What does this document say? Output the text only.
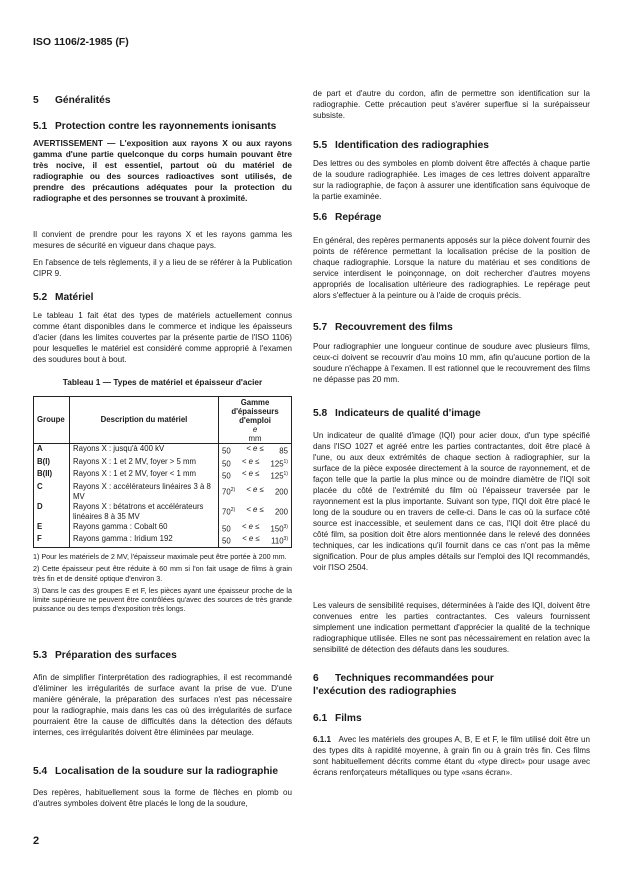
ISO 1106/2-1985 (F)
5 Généralités
5.1 Protection contre les rayonnements ionisants

AVERTISSEMENT — L'exposition aux rayons X ou aux rayons gamma d'une partie quelconque du corps humain pouvant être très nocive, il est essentiel, partout où du matériel de radiographie ou des sources radioactives sont utilisés, de prendre des précautions adéquates pour la protection du radiographe et des personnes se trouvant à proximité.

Il convient de prendre pour les rayons X et les rayons gamma les mesures de sécurité en vigueur dans chaque pays.

En l'absence de tels règlements, il y a lieu de se référer à la Publication CIPR 9.

5.2 Matériel

Le tableau 1 fait état des types de matériels actuellement connus comme étant disponibles dans le commerce et indique les épaisseurs d'acier (dans les limites couvertes par la présente partie de l'ISO 1106) pour lesquelles le matériel est considéré comme approprié à l'examen des soudures bout à bout.

Tableau 1 — Types de matériel et épaisseur d'acier
Groupe	Description du matériel	Gamme
d'épaisseurs
d'emploi
e
mm

A	Rayons X : jusqu'à 400 kV	50 < e ≤ 85

B(I)	Rayons X : 1 et 2 MV, foyer > 5 mm	$50 < e \le 125^{1)}$

B(II)	Rayons X : 1 et 2 MV, foyer < 1 mm	$50 < e \le 125^{1)}$

C	Rayons X : accélérateurs linéaires 3 à 8 MV	$70^{2)} < e \le 200$

D	Rayons X : bétatrons et accélérateurs linéaires 8 à 35 MV	$70^{2)} < e \le 200$

E	Rayons gamma : Cobalt 60	$50 < e \le 150^{3)}$

F	Rayons gamma : Iridium 192	$50 < e \le 110^{3)}$

1) Pour les matériels de 2 MV, l'épaisseur maximale peut être portée à 200 mm.

2) Cette épaisseur peut être réduite à 60 mm si l'on fait usage de films à grain très fin et de densité optique d'environ 3.

3) Dans le cas des groupes E et F, les pièces ayant une épaisseur proche de la limite supérieure ne peuvent être contrôlées qu'avec des sources de très grande puissance ou des temps d'exposition très longs.

5.3 Préparation des surfaces

Afin de simplifier l'interprétation des radiographies, il est recommandé d'éliminer les irrégularités de surface avant la prise de vue. D'une manière générale, la préparation des surfaces n'est pas nécessaire pour la radiographie, mais dans les cas où des irrégularités de surface pourraient être la cause de difficultés dans la détection des défauts internes, ces irrégularités doivent être éliminées par meulage.

5.4 Localisation de la soudure sur la radiographie

Des repères, habituellement sous la forme de flèches en plomb ou d'autres symboles doivent être placés le long de la soudure,

2

de part et d'autre du cordon, afin de permettre son identification sur la radiographie. Cette précaution peut s'avérer superflue si la surépaisseur subsiste.

5.5 Identification des radiographies

Des lettres ou des symboles en plomb doivent être affectés à chaque partie de la soudure radiographiée. Les images de ces lettres doivent apparaître sur la radiographie, de façon à assurer une identification sans équivoque de la partie examinée.

5.6 Repérage

En général, des repères permanents apposés sur la pièce doivent fournir des points de référence permettant la localisation précise de la position de chaque radiographie. Lorsque la nature du matériau et ses conditions de service interdisent le poinçonnage, on doit rechercher d'autres moyens appropriés de localisation ultérieure des radiographies. Le repérage peut alors s'effectuer à la peinture ou à l'aide de croquis précis.

5.7 Recouvrement des films

Pour radiographier une longueur continue de soudure avec plusieurs films, ceux-ci doivent se recouvrir d'au moins 10 mm, afin qu'aucune portion de la soudure n'échappe à l'examen. Il est rationnel que le recouvrement des films ne dépasse pas 20 mm.

5.8 Indicateurs de qualité d'image

Un indicateur de qualité d'image (IQI) pour acier doux, d'un type spécifié dans l'ISO 1027 et agréé entre les parties contractantes, doit être placé à l'une, ou aux deux extrémités de chaque section à radiographier, sur la surface de la pièce exposée directement à la source de rayonnement, et de façon telle que la partie la plus mince ou de moindre diamètre de l'IQI soit placée du côté de l'extrémité du film où l'épaisseur traversée par le rayonnement est la plus importante. Suivant son type, l'IQI doit être placé le long de la soudure ou en travers de celle-ci. Dans le cas où la surface côté source est inaccessible, et seulement dans ce cas, l'IQI doit être placé du côté film, sa position doit être alors mentionnée dans le relevé des données techniques, car les indications qu'il fournit dans ce cas n'ont pas la même signification. Pour de plus amples détails sur l'emploi des IQI recommandés, voir l'ISO 2504.

Les valeurs de sensibilité requises, déterminées à l'aide des IQI, doivent être convenues entre les parties contractantes. Ces valeurs fournissent simplement une indication permettant d'apprécier la qualité de la technique radiographique utilisée. Elles ne sont pas nécessairement en relation avec la sensibilité de détection des défauts dans les soudures.

6 Techniques recommandées pour
l'exécution des radiographies
6.1 Films

6.1.1 Avec les matériels des groupes A, B, E et F, le film utilisé doit être un des types dits à rapidité moyenne, à grain fin ou à grain très fin. Ces films sont habituellement décrits comme étant du «type direct» pour usage avec écrans renforçateurs métalliques ou type «sans écran».
